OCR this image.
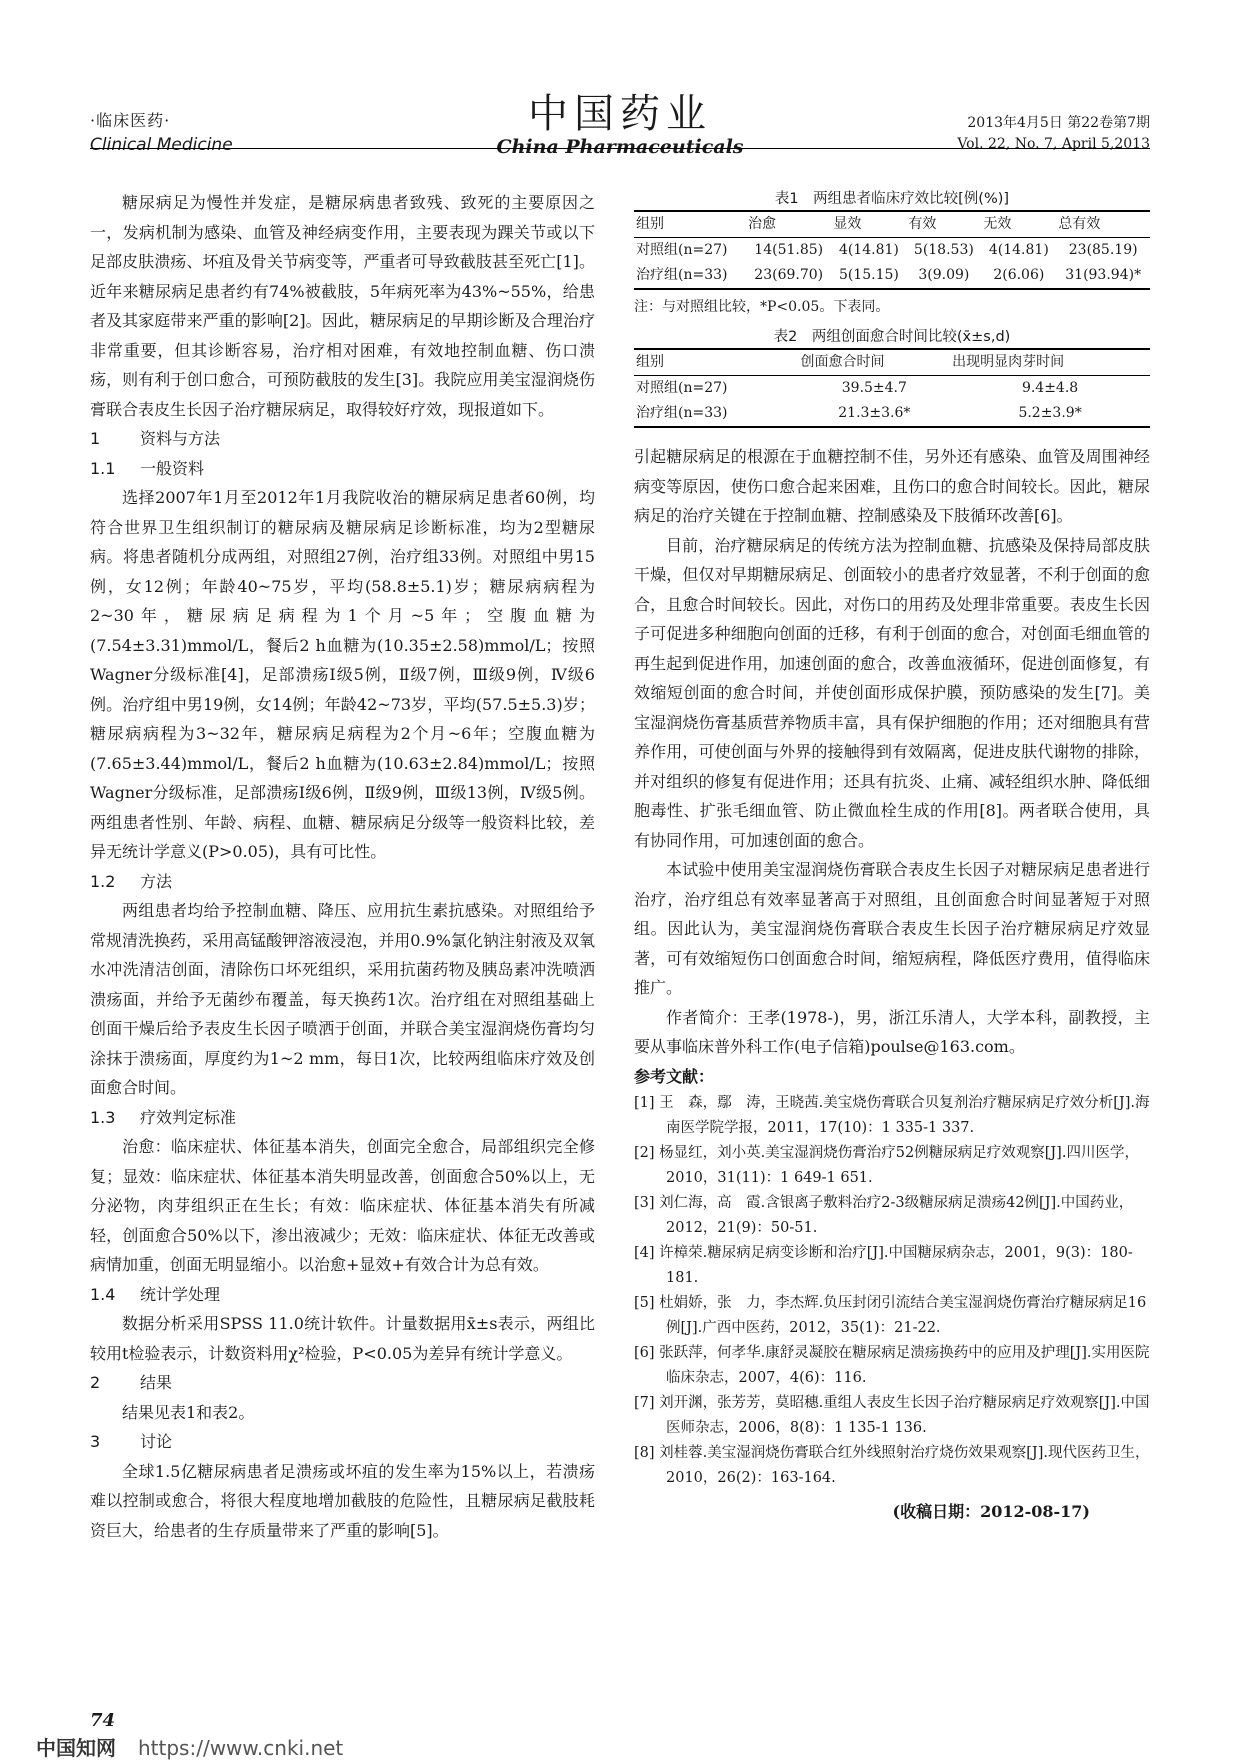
·临床医药·
Clinical Medicine
中国药业
China Pharmaceuticals
2013年4月5日 第22卷第7期
Vol. 22, No. 7, April 5,2013

糖尿病足为慢性并发症，是糖尿病患者致残、致死的主要原因之一，发病机制为感染、血管及神经病变作用，主要表现为踝关节或以下足部皮肤溃疡、坏疽及骨关节病变等，严重者可导致截肢甚至死亡[1]。近年来糖尿病足患者约有74%被截肢，5年病死率为43%~55%，给患者及其家庭带来严重的影响[2]。因此，糖尿病足的早期诊断及合理治疗非常重要，但其诊断容易，治疗相对困难，有效地控制血糖、伤口溃疡，则有利于创口愈合，可预防截肢的发生[3]。我院应用美宝湿润烧伤膏联合表皮生长因子治疗糖尿病足，取得较好疗效，现报道如下。

1 资料与方法

1.1 一般资料

选择2007年1月至2012年1月我院收治的糖尿病足患者60例，均符合世界卫生组织制订的糖尿病及糖尿病足诊断标准，均为2型糖尿病。将患者随机分成两组，对照组27例，治疗组33例。对照组中男15例，女12例；年龄40~75岁，平均(58.8±5.1)岁；糖尿病病程为2~30年，糖尿病足病程为1个月~5年；空腹血糖为(7.54±3.31)mmol/L，餐后2 h血糖为(10.35±2.58)mmol/L；按照Wagner分级标准[4]，足部溃疡Ⅰ级5例，Ⅱ级7例，Ⅲ级9例，Ⅳ级6例。治疗组中男19例，女14例；年龄42~73岁，平均(57.5±5.3)岁；糖尿病病程为3~32年，糖尿病足病程为2个月~6年；空腹血糖为(7.65±3.44)mmol/L，餐后2 h血糖为(10.63±2.84)mmol/L；按照Wagner分级标准，足部溃疡Ⅰ级6例，Ⅱ级9例，Ⅲ级13例，Ⅳ级5例。两组患者性别、年龄、病程、血糖、糖尿病足分级等一般资料比较，差异无统计学意义(P>0.05)，具有可比性。

1.2 方法

两组患者均给予控制血糖、降压、应用抗生素抗感染。对照组给予常规清洗换药，采用高锰酸钾溶液浸泡，并用0.9%氯化钠注射液及双氧水冲洗清洁创面，清除伤口坏死组织，采用抗菌药物及胰岛素冲洗喷洒溃疡面，并给予无菌纱布覆盖，每天换药1次。治疗组在对照组基础上创面干燥后给予表皮生长因子喷洒于创面，并联合美宝湿润烧伤膏均匀涂抹于溃疡面，厚度约为1~2 mm，每日1次，比较两组临床疗效及创面愈合时间。

1.3 疗效判定标准

治愈：临床症状、体征基本消失，创面完全愈合，局部组织完全修复；显效：临床症状、体征基本消失明显改善，创面愈合50%以上，无分泌物，肉芽组织正在生长；有效：临床症状、体征基本消失有所减轻，创面愈合50%以下，渗出液减少；无效：临床症状、体征无改善或病情加重，创面无明显缩小。以治愈+显效+有效合计为总有效。

1.4 统计学处理

数据分析采用SPSS 11.0统计软件。计量数据用x̄±s表示，两组比较用t检验表示，计数资料用χ²检验，P<0.05为差异有统计学意义。

2 结果

结果见表1和表2。

3 讨论

全球1.5亿糖尿病患者足溃疡或坏疽的发生率为15%以上，若溃疡难以控制或愈合，将很大程度地增加截肢的危险性，且糖尿病足截肢耗资巨大，给患者的生存质量带来了严重的影响[5]。

表1　两组患者临床疗效比较[例(%)]
组别	治愈	显效	有效	无效	总有效
对照组(n=27)	14(51.85)	4(14.81)	5(18.53)	4(14.81)	23(85.19)
治疗组(n=33)	23(69.70)	5(15.15)	3(9.09)	2(6.06)	31(93.94)*
注：与对照组比较，*P<0.05。下表同。
表2　两组创面愈合时间比较(x̄±s,d)
组别	创面愈合时间	出现明显肉芽时间
对照组(n=27)	39.5±4.7	9.4±4.8
治疗组(n=33)	21.3±3.6*	5.2±3.9*

引起糖尿病足的根源在于血糖控制不佳，另外还有感染、血管及周围神经病变等原因，使伤口愈合起来困难，且伤口的愈合时间较长。因此，糖尿病足的治疗关键在于控制血糖、控制感染及下肢循环改善[6]。

目前，治疗糖尿病足的传统方法为控制血糖、抗感染及保持局部皮肤干燥，但仅对早期糖尿病足、创面较小的患者疗效显著，不利于创面的愈合，且愈合时间较长。因此，对伤口的用药及处理非常重要。表皮生长因子可促进多种细胞向创面的迁移，有利于创面的愈合，对创面毛细血管的再生起到促进作用，加速创面的愈合，改善血液循环，促进创面修复，有效缩短创面的愈合时间，并使创面形成保护膜，预防感染的发生[7]。美宝湿润烧伤膏基质营养物质丰富，具有保护细胞的作用；还对细胞具有营养作用，可使创面与外界的接触得到有效隔离，促进皮肤代谢物的排除，并对组织的修复有促进作用；还具有抗炎、止痛、减轻组织水肿、降低细胞毒性、扩张毛细血管、防止微血栓生成的作用[8]。两者联合使用，具有协同作用，可加速创面的愈合。

本试验中使用美宝湿润烧伤膏联合表皮生长因子对糖尿病足患者进行治疗，治疗组总有效率显著高于对照组，且创面愈合时间显著短于对照组。因此认为，美宝湿润烧伤膏联合表皮生长因子治疗糖尿病足疗效显著，可有效缩短伤口创面愈合时间，缩短病程，降低医疗费用，值得临床推广。

作者简介：王孝(1978-)，男，浙江乐清人，大学本科，副教授，主要从事临床普外科工作(电子信箱)poulse@163.com。

参考文献：

[1] 王　森，鄢　涛，王晓茜.美宝烧伤膏联合贝复剂治疗糖尿病足疗效分析[J].海南医学院学报，2011，17(10)：1 335-1 337.

[2] 杨显红，刘小英.美宝湿润烧伤膏治疗52例糖尿病足疗效观察[J].四川医学，2010，31(11)：1 649-1 651.

[3] 刘仁海，高　霞.含银离子敷料治疗2-3级糖尿病足溃疡42例[J].中国药业，2012，21(9)：50-51.

[4] 许樟荣.糖尿病足病变诊断和治疗[J].中国糖尿病杂志，2001，9(3)：180-181.

[5] 杜娟娇，张　力，李杰辉.负压封闭引流结合美宝湿润烧伤膏治疗糖尿病足16例[J].广西中医药，2012，35(1)：21-22.

[6] 张跃萍，何孝华.康舒灵凝胶在糖尿病足溃疡换药中的应用及护理[J].实用医院临床杂志，2007，4(6)：116.

[7] 刘开渊，张芳芳，莫昭穗.重组人表皮生长因子治疗糖尿病足疗效观察[J].中国医师杂志，2006，8(8)：1 135-1 136.

[8] 刘桂蓉.美宝湿润烧伤膏联合红外线照射治疗烧伤效果观察[J].现代医药卫生，2010，26(2)：163-164.

(收稿日期：2012-08-17)
74
中国知网 https://www.cnki.net
